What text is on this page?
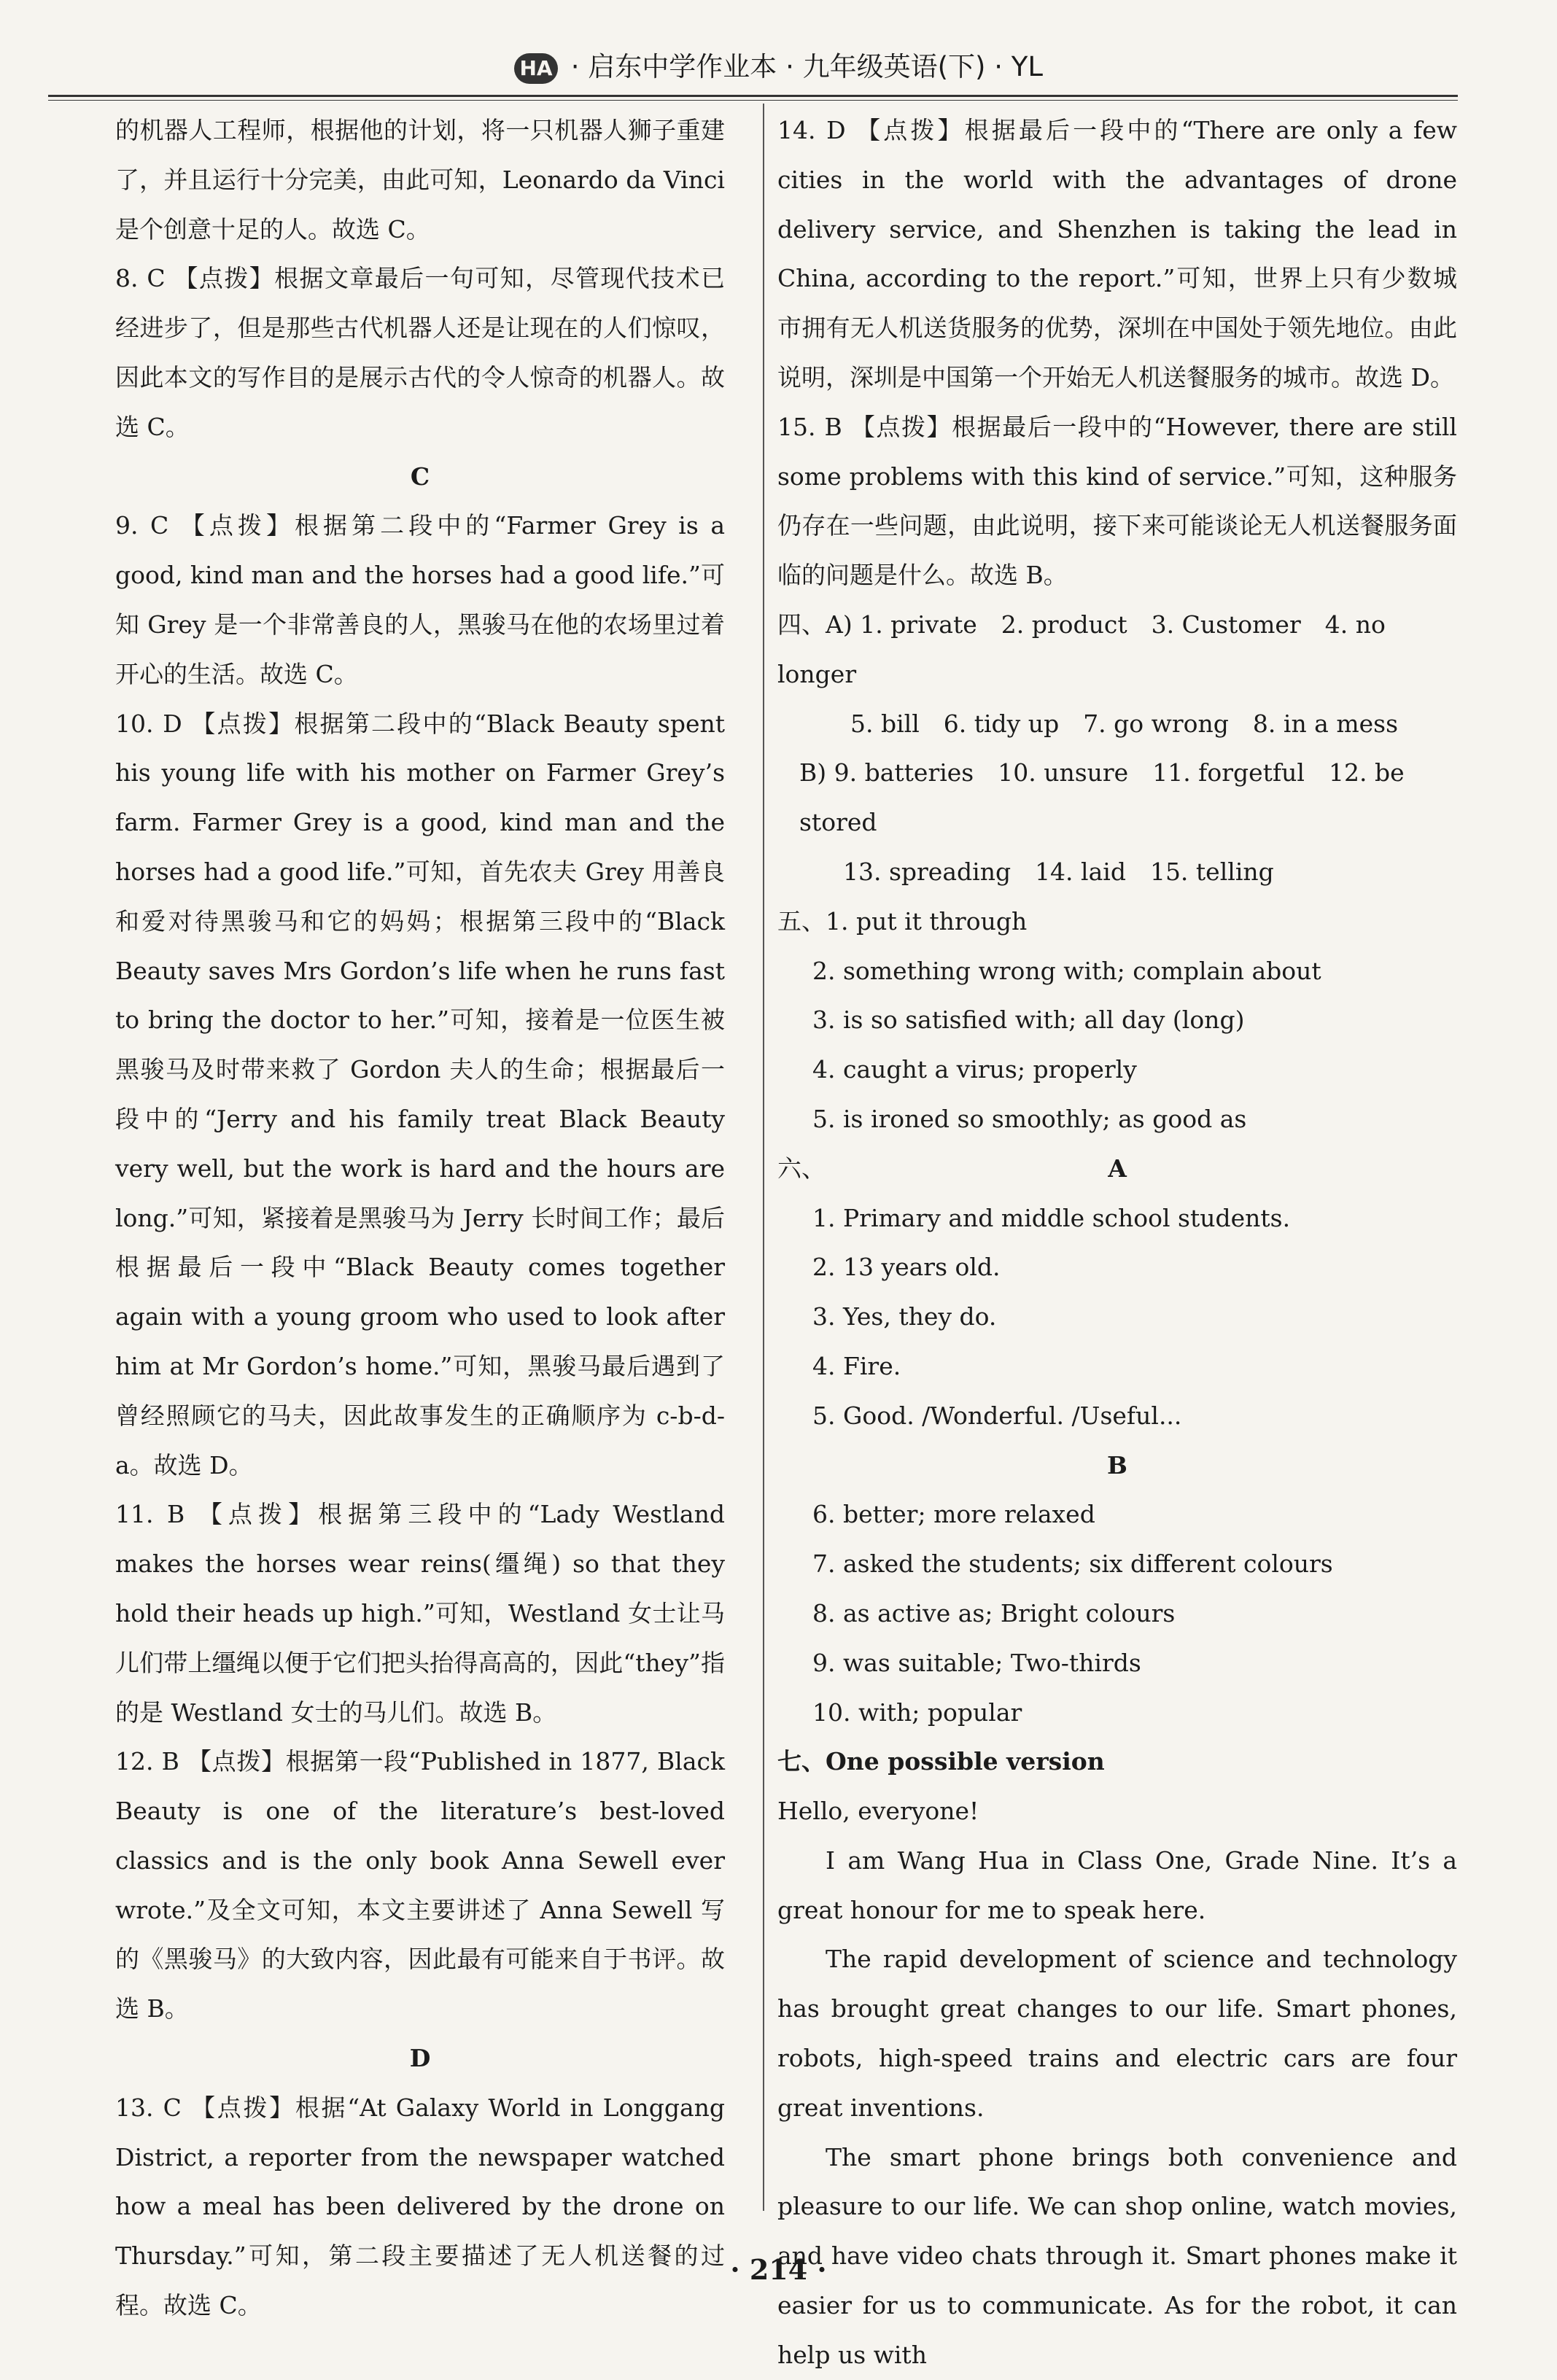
HA · 启东中学作业本 · 九年级英语(下) · YL

的机器人工程师，根据他的计划，将一只机器人狮子重建了，并且运行十分完美，由此可知，Leonardo da Vinci 是个创意十足的人。故选 C。

8. C 【点拨】根据文章最后一句可知，尽管现代技术已经进步了，但是那些古代机器人还是让现在的人们惊叹，因此本文的写作目的是展示古代的令人惊奇的机器人。故选 C。

C

9. C 【点拨】根据第二段中的“Farmer Grey is a good, kind man and the horses had a good life.”可知 Grey 是一个非常善良的人，黑骏马在他的农场里过着开心的生活。故选 C。

10. D 【点拨】根据第二段中的“Black Beauty spent his young life with his mother on Farmer Grey’s farm. Farmer Grey is a good, kind man and the horses had a good life.”可知，首先农夫 Grey 用善良和爱对待黑骏马和它的妈妈；根据第三段中的“Black Beauty saves Mrs Gordon’s life when he runs fast to bring the doctor to her.”可知，接着是一位医生被黑骏马及时带来救了 Gordon 夫人的生命；根据最后一段中的“Jerry and his family treat Black Beauty very well, but the work is hard and the hours are long.”可知，紧接着是黑骏马为 Jerry 长时间工作；最后根据最后一段中“Black Beauty comes together again with a young groom who used to look after him at Mr Gordon’s home.”可知，黑骏马最后遇到了曾经照顾它的马夫，因此故事发生的正确顺序为 c-b-d-a。故选 D。

11. B 【点拨】根据第三段中的“Lady Westland makes the horses wear reins(缰绳) so that they hold their heads up high.”可知，Westland 女士让马儿们带上缰绳以便于它们把头抬得高高的，因此“they”指的是 Westland 女士的马儿们。故选 B。

12. B 【点拨】根据第一段“Published in 1877, Black Beauty is one of the literature’s best-loved classics and is the only book Anna Sewell ever wrote.”及全文可知，本文主要讲述了 Anna Sewell 写的《黑骏马》的大致内容，因此最有可能来自于书评。故选 B。

D

13. C 【点拨】根据“At Galaxy World in Longgang District, a reporter from the newspaper watched how a meal has been delivered by the drone on Thursday.”可知，第二段主要描述了无人机送餐的过程。故选 C。

14. D 【点拨】根据最后一段中的“There are only a few cities in the world with the advantages of drone delivery service, and Shenzhen is taking the lead in China, according to the report.”可知，世界上只有少数城市拥有无人机送货服务的优势，深圳在中国处于领先地位。由此说明，深圳是中国第一个开始无人机送餐服务的城市。故选 D。

15. B 【点拨】根据最后一段中的“However, there are still some problems with this kind of service.”可知，这种服务仍存在一些问题，由此说明，接下来可能谈论无人机送餐服务面临的问题是什么。故选 B。

四、A) 1. private　2. product　3. Customer　4. no longer

5. bill　6. tidy up　7. go wrong　8. in a mess

B) 9. batteries　10. unsure　11. forgetful　12. be stored

13. spreading　14. laid　15. telling

五、1. put it through

2. something wrong with; complain about

3. is so satisfied with; all day (long)

4. caught a virus; properly

5. is ironed so smoothly; as good as

六、	A

1. Primary and middle school students.

2. 13 years old.

3. Yes, they do.

4. Fire.

5. Good. /Wonderful. /Useful...

B

6. better; more relaxed

7. asked the students; six different colours

8. as active as; Bright colours

9. was suitable; Two-thirds

10. with; popular

七、One possible version

Hello, everyone!

I am Wang Hua in Class One, Grade Nine. It’s a great honour for me to speak here.

The rapid development of science and technology has brought great changes to our life. Smart phones, robots, high-speed trains and electric cars are four great inventions.

The smart phone brings both convenience and pleasure to our life. We can shop online, watch movies, and have video chats through it. Smart phones make it easier for us to communicate. As for the robot, it can help us with

· 214 ·
